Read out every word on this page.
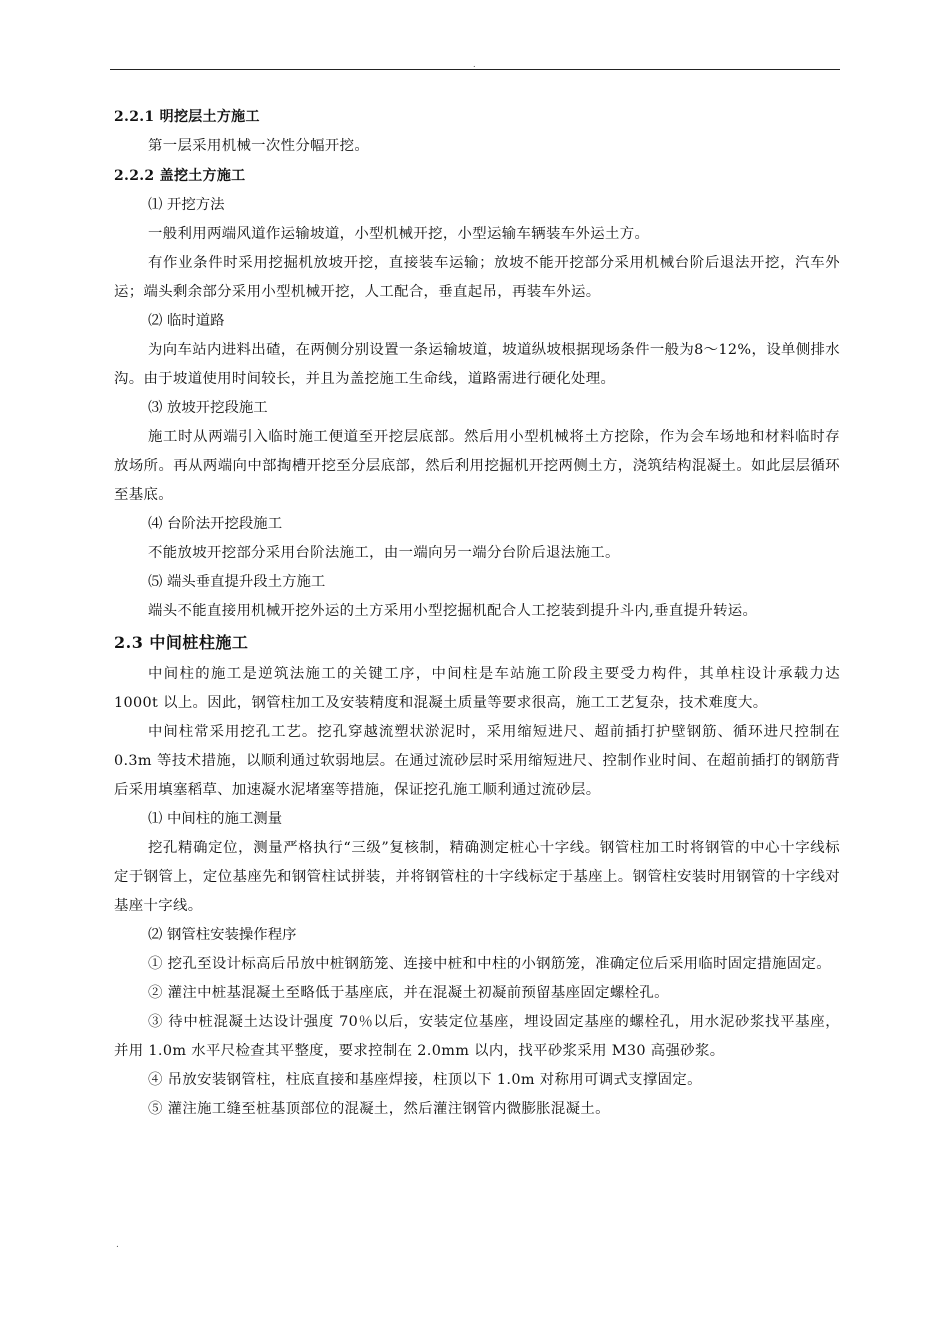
.
2.2.1 明挖层土方施工
第一层采用机械一次性分幅开挖。
2.2.2 盖挖土方施工
⑴ 开挖方法
一般利用两端风道作运输坡道，小型机械开挖，小型运输车辆装车外运土方。
有作业条件时采用挖掘机放坡开挖，直接装车运输；放坡不能开挖部分采用机械台阶后退法开挖，汽车外运；端头剩余部分采用小型机械开挖，人工配合，垂直起吊，再装车外运。
⑵ 临时道路
为向车站内进料出碴，在两侧分别设置一条运输坡道，坡道纵坡根据现场条件一般为8～12%，设单侧排水沟。由于坡道使用时间较长，并且为盖挖施工生命线，道路需进行硬化处理。
⑶ 放坡开挖段施工
施工时从两端引入临时施工便道至开挖层底部。然后用小型机械将土方挖除，作为会车场地和材料临时存放场所。再从两端向中部掏槽开挖至分层底部，然后利用挖掘机开挖两侧土方，浇筑结构混凝土。如此层层循环至基底。
⑷ 台阶法开挖段施工
不能放坡开挖部分采用台阶法施工，由一端向另一端分台阶后退法施工。
⑸ 端头垂直提升段土方施工
端头不能直接用机械开挖外运的土方采用小型挖掘机配合人工挖装到提升斗内,垂直提升转运。
2.3 中间桩柱施工
中间柱的施工是逆筑法施工的关键工序，中间柱是车站施工阶段主要受力构件，其单柱设计承载力达 1000t 以上。因此，钢管柱加工及安装精度和混凝土质量等要求很高，施工工艺复杂，技术难度大。
中间柱常采用挖孔工艺。挖孔穿越流塑状淤泥时，采用缩短进尺、超前插打护壁钢筋、循环进尺控制在 0.3m 等技术措施，以顺利通过软弱地层。在通过流砂层时采用缩短进尺、控制作业时间、在超前插打的钢筋背后采用填塞稻草、加速凝水泥堵塞等措施，保证挖孔施工顺利通过流砂层。
⑴ 中间柱的施工测量
挖孔精确定位，测量严格执行“三级”复核制，精确测定桩心十字线。钢管柱加工时将钢管的中心十字线标定于钢管上，定位基座先和钢管柱试拼装，并将钢管柱的十字线标定于基座上。钢管柱安装时用钢管的十字线对基座十字线。
⑵ 钢管柱安装操作程序
① 挖孔至设计标高后吊放中桩钢筋笼、连接中桩和中柱的小钢筋笼，准确定位后采用临时固定措施固定。
② 灌注中桩基混凝土至略低于基座底，并在混凝土初凝前预留基座固定螺栓孔。
③ 待中桩混凝土达设计强度 70％以后，安装定位基座，埋设固定基座的螺栓孔，用水泥砂浆找平基座，并用 1.0m 水平尺检查其平整度，要求控制在 2.0mm 以内，找平砂浆采用 M30 高强砂浆。
④ 吊放安装钢管柱，柱底直接和基座焊接，柱顶以下 1.0m 对称用可调式支撑固定。
⑤ 灌注施工缝至桩基顶部位的混凝土，然后灌注钢管内微膨胀混凝土。
.
